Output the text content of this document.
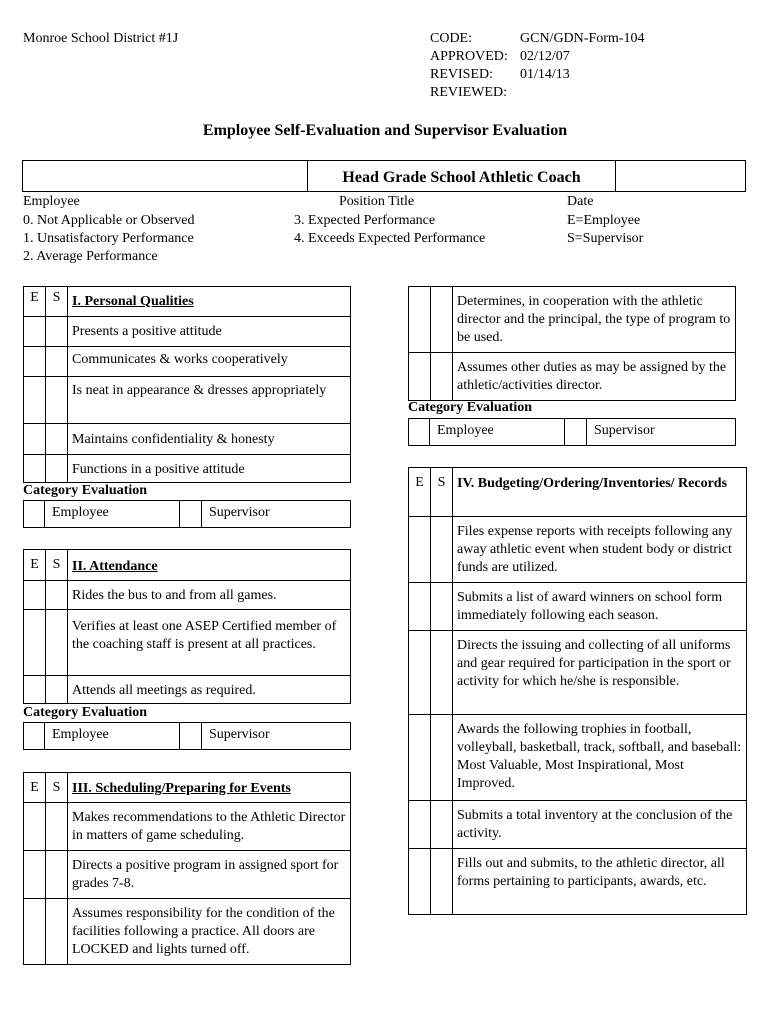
Monroe School District #1J	CODE:	GCN/GDN-Form-104
APPROVED: 02/12/07
REVISED: 01/14/13
REVIEWED:
Employee Self-Evaluation and Supervisor Evaluation
Head Grade School Athletic Coach
Employee	Position Title	Date
0. Not Applicable or Observed
1. Unsatisfactory Performance
2. Average Performance
3. Expected Performance
4. Exceeds Expected Performance
E=Employee
S=Supervisor
E	S	I. Personal Qualities
		Presents a positive attitude
		Communicates & works cooperatively
		Is neat in appearance & dresses appropriately
		Maintains confidentiality & honesty
		Functions in a positive attitude
Category Evaluation
Employee	Supervisor
E	S	II. Attendance
		Rides the bus to and from all games.
		Verifies at least one ASEP Certified member of the coaching staff is present at all practices.
		Attends all meetings as required.
Category Evaluation
Employee	Supervisor
E	S	III. Scheduling/Preparing for Events
		Makes recommendations to the Athletic Director in matters of game scheduling.
		Directs a positive program in assigned sport for grades 7-8.
		Assumes responsibility for the condition of the facilities following a practice. All doors are LOCKED and lights turned off.
		Determines, in cooperation with the athletic director and the principal, the type of program to be used.
		Assumes other duties as may be assigned by the athletic/activities director.
Category Evaluation
Employee	Supervisor
E	S	IV. Budgeting/Ordering/Inventories/ Records
		Files expense reports with receipts following any away athletic event when student body or district funds are utilized.
		Submits a list of award winners on school form immediately following each season.
		Directs the issuing and collecting of all uniforms and gear required for participation in the sport or activity for which he/she is responsible.
		Awards the following trophies in football, volleyball, basketball, track, softball, and baseball: Most Valuable, Most Inspirational, Most Improved.
		Submits a total inventory at the conclusion of the activity.
		Fills out and submits, to the athletic director, all forms pertaining to participants, awards, etc.
